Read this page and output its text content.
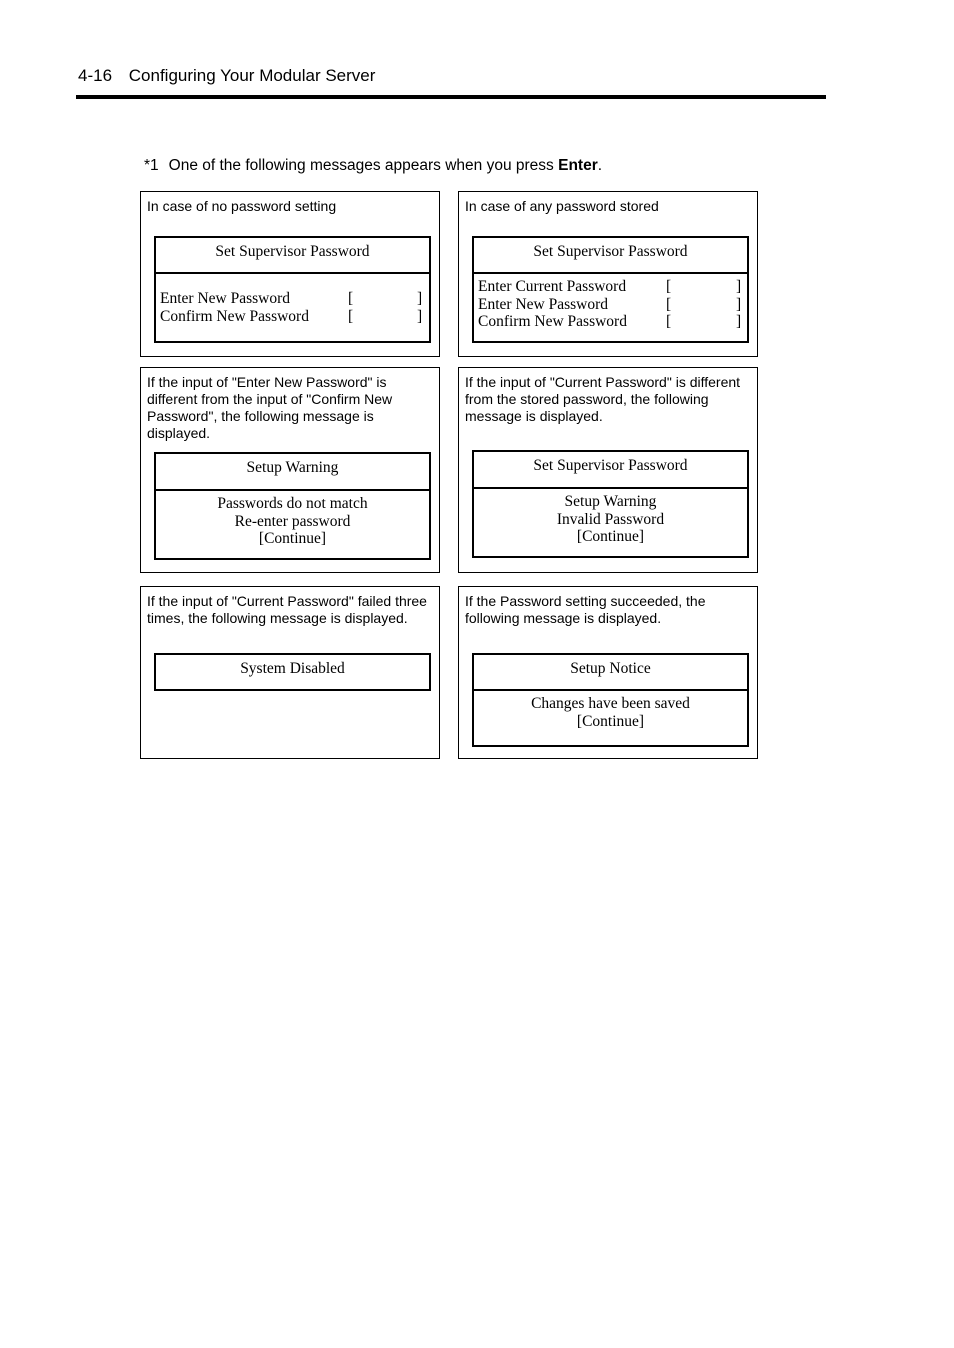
4-16 Configuring Your Modular Server
*1 One of the following messages appears when you press Enter.
In case of no password setting
Set Supervisor Password
Enter New Password	[	]
Confirm New Password	[	]
In case of any password stored
Set Supervisor Password
Enter Current Password	[	]
Enter New Password	[	]
Confirm New Password	[	]
If the input of "Enter New Password" is different from the input of "Confirm New Password", the following message is displayed.
Setup Warning
Passwords do not match
Re-enter password
[Continue]
If the input of "Current Password" is different from the stored password, the following message is displayed.
Set Supervisor Password
Setup Warning
Invalid Password
[Continue]
If the input of "Current Password" failed three times, the following message is displayed.
System Disabled
If the Password setting succeeded, the following message is displayed.
Setup Notice
Changes have been saved
[Continue]
